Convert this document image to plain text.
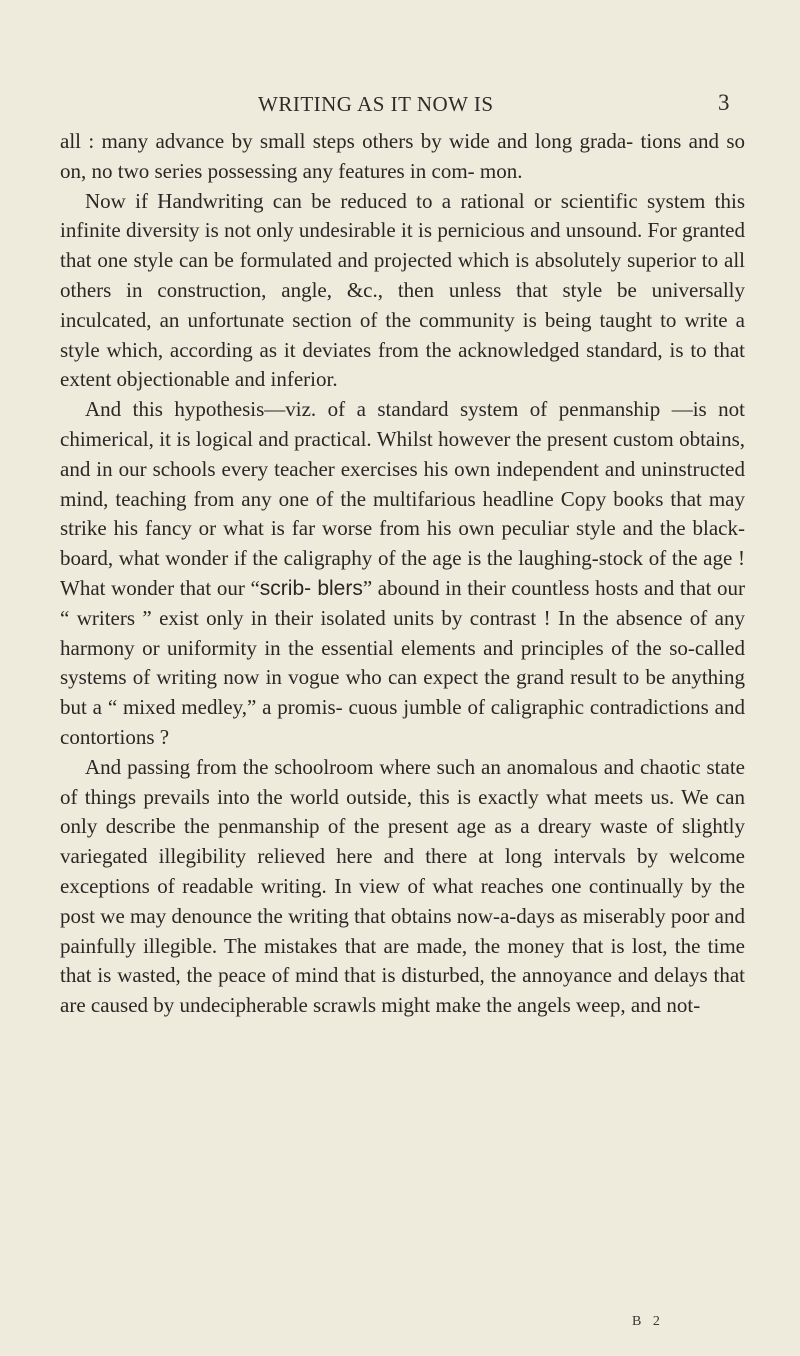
WRITING AS IT NOW IS	3

all : many advance by small steps others by wide and long grada- tions and so on, no two series possessing any features in com- mon.

Now if Handwriting can be reduced to a rational or scientific system this infinite diversity is not only undesirable it is pernicious and unsound. For granted that one style can be formulated and projected which is absolutely superior to all others in construction, angle, &c., then unless that style be universally inculcated, an unfortunate section of the community is being taught to write a style which, according as it deviates from the acknowledged standard, is to that extent objectionable and inferior.

And this hypothesis—viz. of a standard system of penmanship —is not chimerical, it is logical and practical. Whilst however the present custom obtains, and in our schools every teacher exercises his own independent and uninstructed mind, teaching from any one of the multifarious headline Copy books that may strike his fancy or what is far worse from his own peculiar style and the black-board, what wonder if the caligraphy of the age is the laughing-stock of the age ! What wonder that our “scrib- blers” abound in their countless hosts and that our “ writers ” exist only in their isolated units by contrast ! In the absence of any harmony or uniformity in the essential elements and principles of the so-called systems of writing now in vogue who can expect the grand result to be anything but a “ mixed medley,” a promis- cuous jumble of caligraphic contradictions and contortions ?

And passing from the schoolroom where such an anomalous and chaotic state of things prevails into the world outside, this is exactly what meets us. We can only describe the penmanship of the present age as a dreary waste of slightly variegated illegibility relieved here and there at long intervals by welcome exceptions of readable writing. In view of what reaches one continually by the post we may denounce the writing that obtains now-a-days as miserably poor and painfully illegible. The mistakes that are made, the money that is lost, the time that is wasted, the peace of mind that is disturbed, the annoyance and delays that are caused by undecipherable scrawls might make the angels weep, and not-

B 2
